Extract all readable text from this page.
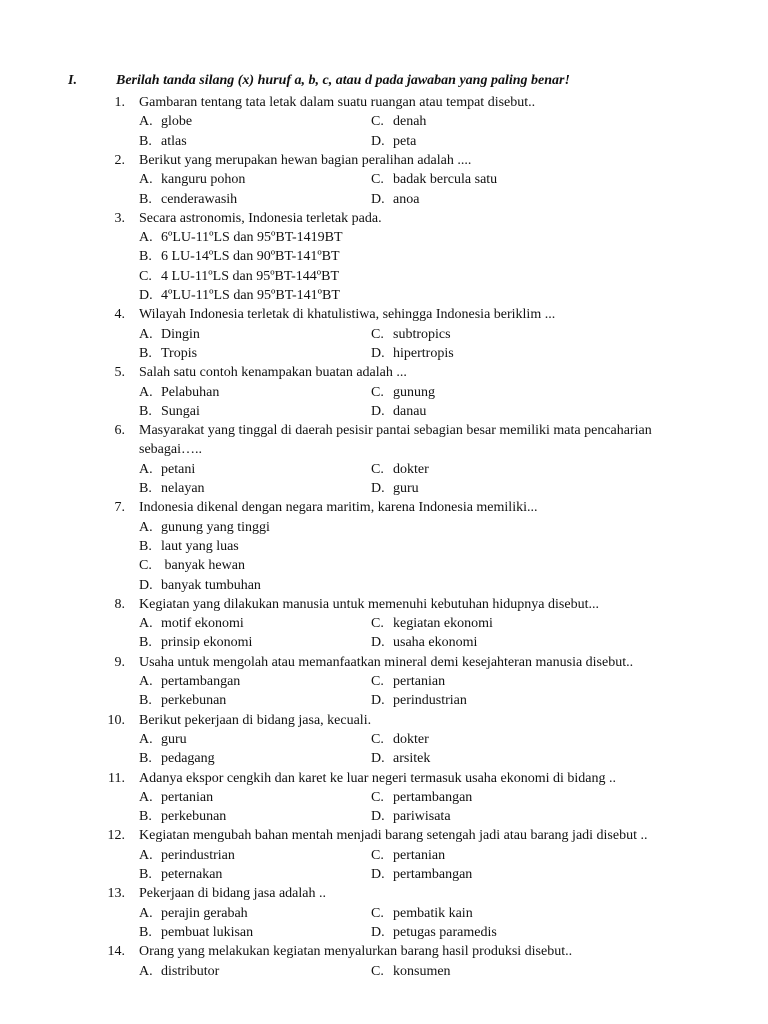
I.	Berilah tanda silang (x) huruf a, b, c, atau d pada jawaban yang paling benar!
1. Gambaran tentang tata letak dalam suatu ruangan atau tempat disebut..
A. globe	C. denah
B. atlas	D. peta
2. Berikut yang merupakan hewan bagian peralihan adalah ....
A. kanguru pohon	C. badak bercula satu
B. cenderawasih	D. anoa
3. Secara astronomis, Indonesia terletak pada.
A. 6ºLU-11ºLS dan 95ºBT-1419BT
B. 6 LU-14ºLS dan 90ºBT-141ºBT
C. 4 LU-11ºLS dan 95ºBT-144ºBT
D. 4ºLU-11ºLS dan 95ºBT-141ºBT
4. Wilayah Indonesia terletak di khatulistiwa, sehingga Indonesia beriklim ...
A. Dingin	C. subtropics
B. Tropis	D. hipertropis
5. Salah satu contoh kenampakan buatan adalah ...
A. Pelabuhan	C. gunung
B. Sungai	D. danau
6. Masyarakat yang tinggal di daerah pesisir pantai sebagian besar memiliki mata pencaharian
sebagai…..
A. petani	C. dokter
B. nelayan	D. guru
7. Indonesia dikenal dengan negara maritim, karena Indonesia memiliki...
A. gunung yang tinggi
B. laut yang luas
C. banyak hewan
D. banyak tumbuhan
8. Kegiatan yang dilakukan manusia untuk memenuhi kebutuhan hidupnya disebut...
A. motif ekonomi	C. kegiatan ekonomi
B. prinsip ekonomi	D. usaha ekonomi
9. Usaha untuk mengolah atau memanfaatkan mineral demi kesejahteran manusia disebut..
A. pertambangan	C. pertanian
B. perkebunan	D. perindustrian
10. Berikut pekerjaan di bidang jasa, kecuali.
A. guru	C. dokter
B. pedagang	D. arsitek
11. Adanya ekspor cengkih dan karet ke luar negeri termasuk usaha ekonomi di bidang ..
A. pertanian	C. pertambangan
B. perkebunan	D. pariwisata
12. Kegiatan mengubah bahan mentah menjadi barang setengah jadi atau barang jadi disebut ..
A. perindustrian	C. pertanian
B. peternakan	D. pertambangan
13. Pekerjaan di bidang jasa adalah ..
A. perajin gerabah	C. pembatik kain
B. pembuat lukisan	D. petugas paramedis
14. Orang yang melakukan kegiatan menyalurkan barang hasil produksi disebut..
A. distributor	C. konsumen
